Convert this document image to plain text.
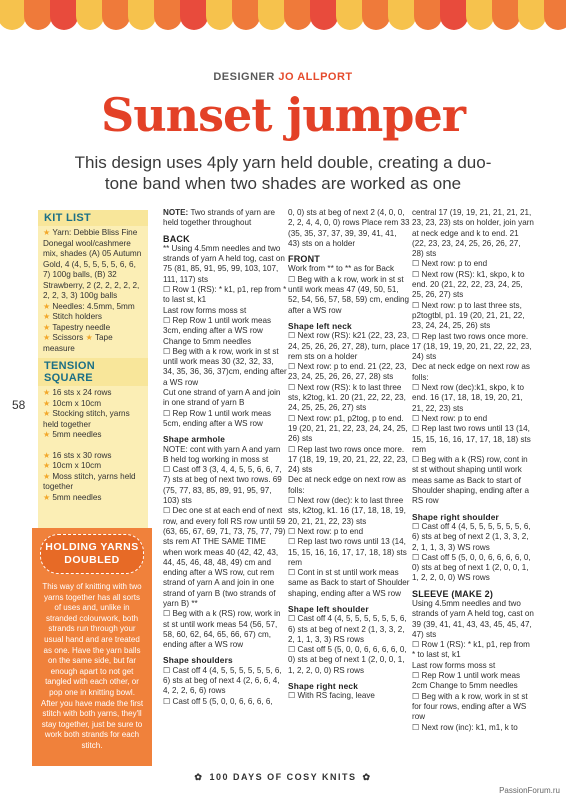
DESIGNER JO ALLPORT
Sunset jumper
This design uses 4ply yarn held double, creating a duo-tone band when two shades are worked as one
58
KIT LIST
★ Yarn: Debbie Bliss Fine Donegal wool/cashmere mix, shades (A) 05 Autumn Gold, 4 (4, 5, 5, 5, 5, 6, 6, 7) 100g balls, (B) 32 Strawberry, 2 (2, 2, 2, 2, 2, 2, 2, 3, 3) 100g balls
★ Needles: 4.5mm, 5mm
★ Stitch holders
★ Tapestry needle
★ Scissors ★ Tape measure
TENSION SQUARE
★ 16 sts x 24 rows
★ 10cm x 10cm
★ Stocking stitch, yarns held together
★ 5mm needles
★ 16 sts x 30 rows
★ 10cm x 10cm
★ Moss stitch, yarns held together
★ 5mm needles
HOLDING YARNS
DOUBLED
This way of knitting with two yarns together has all sorts of uses and, unlike in stranded colourwork, both strands run through your usual hand and are treated as one. Have the yarn balls on the same side, but far enough apart to not get tangled with each other, or pop one in knitting bowl. After you have made the first stitch with both yarns, they'll stay together, just be sure to work both strands for each stitch.

NOTE:

Two strands of yarn are held together throughout

BACK

** Using 4.5mm needles and two strands of yarn A held tog, cast on 75 (81, 85, 91, 95, 99, 103, 107, 111, 117) sts

☐ Row 1 (RS): * k1, p1, rep from * to last st, k1

Last row forms moss st

☐ Rep Row 1 until work meas 3cm, ending after a WS row Change to 5mm needles

☐ Beg with a k row, work in st st until work meas 30 (32, 32, 33, 34, 35, 36, 36, 37)cm, ending after a WS row

Cut one strand of yarn A and join in one strand of yarn B

☐ Rep Row 1 until work meas 5cm, ending after a WS row

Shape armhole

NOTE: cont with yarn A and yarn B held tog working in moss st

☐ Cast off 3 (3, 4, 4, 5, 5, 6, 6, 7, 7) sts at beg of next two rows. 69 (75, 77, 83, 85, 89, 91, 95, 97, 103) sts

☐ Dec one st at each end of next row, and every foll RS row until 59 (63, 65, 67, 69, 71, 73, 75, 77, 79) sts rem AT THE SAME TIME when work meas 40 (42, 42, 43, 44, 45, 46, 48, 48, 49) cm and ending after a WS row, cut rem strand of yarn A and join in one strand of yarn B (two strands of yarn B) **

☐ Beg with a k (RS) row, work in st st until work meas 54 (56, 57, 58, 60, 62, 64, 65, 66, 67) cm, ending after a WS row

Shape shoulders

☐ Cast off 4 (4, 5, 5, 5, 5, 5, 5, 6, 6) sts at beg of next 4 (2, 6, 6, 4, 4, 2, 2, 6, 6) rows

☐ Cast off 5 (5, 0, 0, 6, 6, 6, 6,

0, 0) sts at beg of next 2 (4, 0, 0, 2, 2, 4, 4, 0, 0) rows Place rem 33 (35, 35, 37, 37, 39, 39, 41, 41, 43) sts on a holder

FRONT

Work from ** to ** as for Back

☐ Beg with a k row, work in st st until work meas 47 (49, 50, 51, 52, 54, 56, 57, 58, 59) cm, ending after a WS row

Shape left neck

☐ Next row (RS): k21 (22, 23, 23, 24, 25, 26, 26, 27, 28), turn, place rem sts on a holder

☐ Next row: p to end. 21 (22, 23, 23, 24, 25, 26, 26, 27, 28) sts

☐ Next row (RS): k to last three sts, k2tog, k1. 20 (21, 22, 22, 23, 24, 25, 25, 26, 27) sts

☐ Next row: p1, p2tog, p to end. 19 (20, 21, 21, 22, 23, 24, 24, 25, 26) sts

☐ Rep last two rows once more. 17 (18, 19, 19, 20, 21, 22, 22, 23, 24) sts

Dec at neck edge on next row as folls:

☐ Next row (dec): k to last three sts, k2tog, k1. 16 (17, 18, 18, 19, 20, 21, 21, 22, 23) sts

☐ Next row: p to end

☐ Rep last two rows until 13 (14, 15, 15, 16, 16, 17, 17, 18, 18) sts rem

☐ Cont in st st until work meas same as Back to start of Shoulder shaping, ending after a WS row

Shape left shoulder

☐ Cast off 4 (4, 5, 5, 5, 5, 5, 5, 6, 6) sts at beg of next 2 (1, 3, 3, 2, 2, 1, 1, 3, 3) RS rows

☐ Cast off 5 (5, 0, 0, 6, 6, 6, 6, 0, 0) sts at beg of next 1 (2, 0, 0, 1, 1, 2, 2, 0, 0) RS rows

Shape right neck

☐ With RS facing, leave

central 17 (19, 19, 21, 21, 21, 21, 23, 23, 23) sts on holder, join yarn at neck edge and k to end. 21 (22, 23, 23, 24, 25, 26, 26, 27, 28) sts

☐ Next row: p to end

☐ Next row (RS): k1, skpo, k to end. 20 (21, 22, 22, 23, 24, 25, 25, 26, 27) sts

☐ Next row: p to last three sts, p2togtbl, p1. 19 (20, 21, 21, 22, 23, 24, 24, 25, 26) sts

☐ Rep last two rows once more. 17 (18, 19, 19, 20, 21, 22, 22, 23, 24) sts

Dec at neck edge on next row as folls:

☐ Next row (dec):k1, skpo, k to end. 16 (17, 18, 18, 19, 20, 21, 21, 22, 23) sts

☐ Next row: p to end

☐ Rep last two rows until 13 (14, 15, 15, 16, 16, 17, 17, 18, 18) sts rem

☐ Beg with a k (RS) row, cont in st st without shaping until work meas same as Back to start of Shoulder shaping, ending after a RS row

Shape right shoulder

☐ Cast off 4 (4, 5, 5, 5, 5, 5, 5, 6, 6) sts at beg of next 2 (1, 3, 3, 2, 2, 1, 1, 3, 3) WS rows

☐ Cast off 5 (5, 0, 0, 6, 6, 6, 6, 0, 0) sts at beg of next 1 (2, 0, 0, 1, 1, 2, 2, 0, 0) WS rows

SLEEVE (MAKE 2)

Using 4.5mm needles and two strands of yarn A held tog, cast on 39 (39, 41, 41, 43, 43, 45, 45, 47, 47) sts

☐ Row 1 (RS): * k1, p1, rep from * to last st, k1

Last row forms moss st

☐ Rep Row 1 until work meas 2cm Change to 5mm needles

☐ Beg with a k row, work in st st for four rows, ending after a WS row

☐ Next row (inc): k1, m1, k to

✿ 100 DAYS OF COSY KNITS ✿
PassionForum.ru
